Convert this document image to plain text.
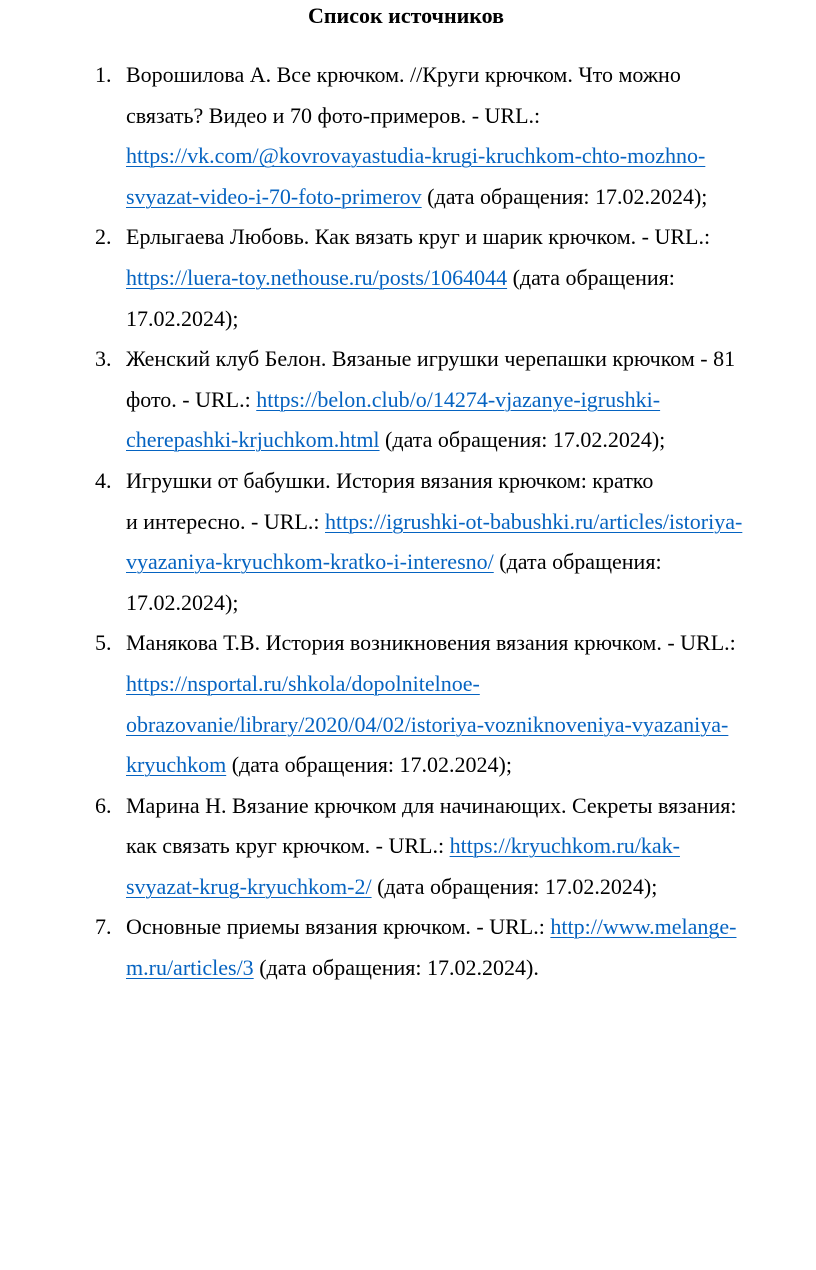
Список источников
1. Ворошилова А. Все крючком. //Круги крючком. Что можно
связать? Видео и 70 фото-примеров. - URL.:
https://vk.com/@kovrovayastudia-krugi-kruchkom-chto-mozhno-
svyazat-video-i-70-foto-primerov (дата обращения: 17.02.2024);
2. Ерлыгаева Любовь. Как вязать круг и шарик крючком. - URL.:
https://luera-toy.nethouse.ru/posts/1064044 (дата обращения:
17.02.2024);
3. Женский клуб Белон. Вязаные игрушки черепашки крючком - 81
фото. - URL.: https://belon.club/o/14274-vjazanye-igrushki-
cherepashki-krjuchkom.html (дата обращения: 17.02.2024);
4. Игрушки от бабушки. История вязания крючком: кратко
и интересно. - URL.: https://igrushki-ot-babushki.ru/articles/istoriya-
vyazaniya-kryuchkom-kratko-i-interesno/ (дата обращения:
17.02.2024);
5. Манякова Т.В. История возникновения вязания крючком. - URL.:
https://nsportal.ru/shkola/dopolnitelnoe-
obrazovanie/library/2020/04/02/istoriya-vozniknoveniya-vyazaniya-
kryuchkom (дата обращения: 17.02.2024);
6. Марина Н. Вязание крючком для начинающих. Секреты вязания:
как связать круг крючком. - URL.: https://kryuchkom.ru/kak-
svyazat-krug-kryuchkom-2/ (дата обращения: 17.02.2024);
7. Основные приемы вязания крючком. - URL.: http://www.melange-
m.ru/articles/3 (дата обращения: 17.02.2024).
